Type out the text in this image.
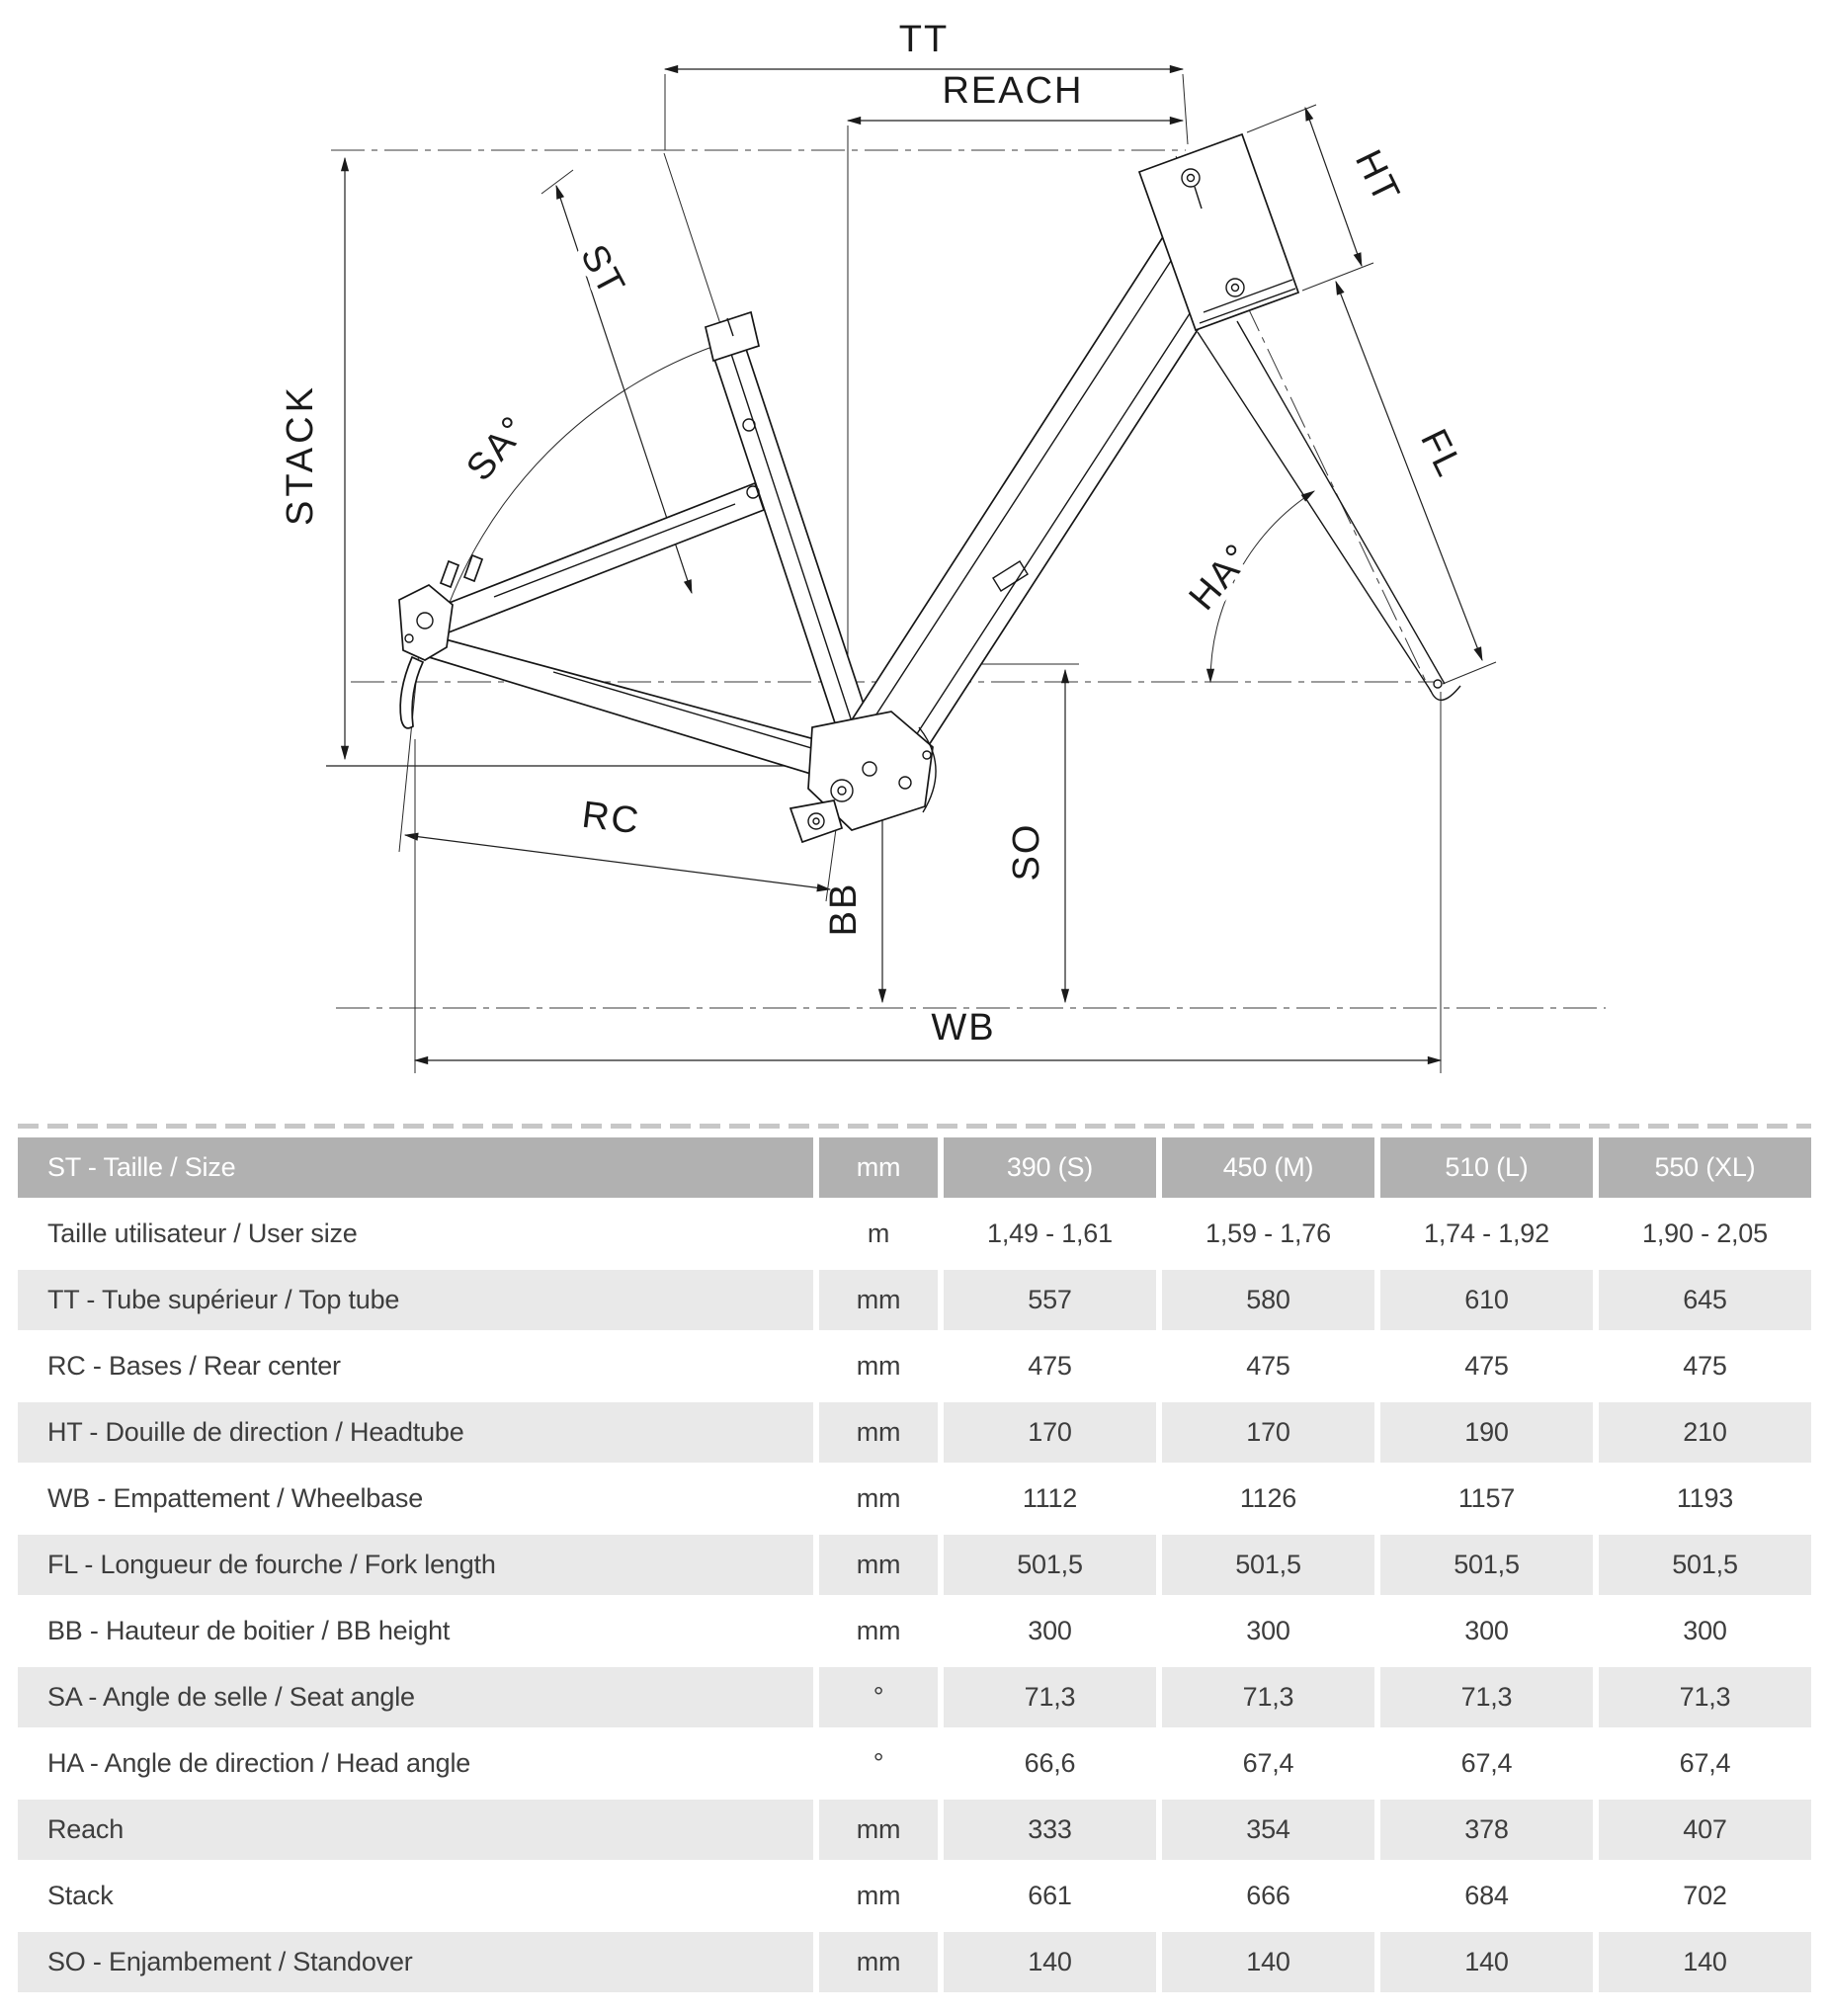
TT
REACH
ST
STACK	SA°
HT
FL
HA°
RC
BB
SO
WB
ST - Taille / Size	mm	390 (S)	450 (M)	510 (L)	550 (XL)
Taille utilisateur / User size	m	1,49 - 1,61	1,59 - 1,76	1,74 - 1,92	1,90 - 2,05
TT - Tube supérieur / Top tube	mm	557	580	610	645
RC - Bases / Rear center	mm	475	475	475	475
HT - Douille de direction / Headtube	mm	170	170	190	210
WB - Empattement / Wheelbase	mm	1112	1126	1157	1193
FL - Longueur de fourche / Fork length	mm	501,5	501,5	501,5	501,5
BB - Hauteur de boitier / BB height	mm	300	300	300	300
SA - Angle de selle / Seat angle	°	71,3	71,3	71,3	71,3
HA - Angle de direction / Head angle	°	66,6	67,4	67,4	67,4
Reach	mm	333	354	378	407
Stack	mm	661	666	684	702
SO - Enjambement / Standover	mm	140	140	140	140
